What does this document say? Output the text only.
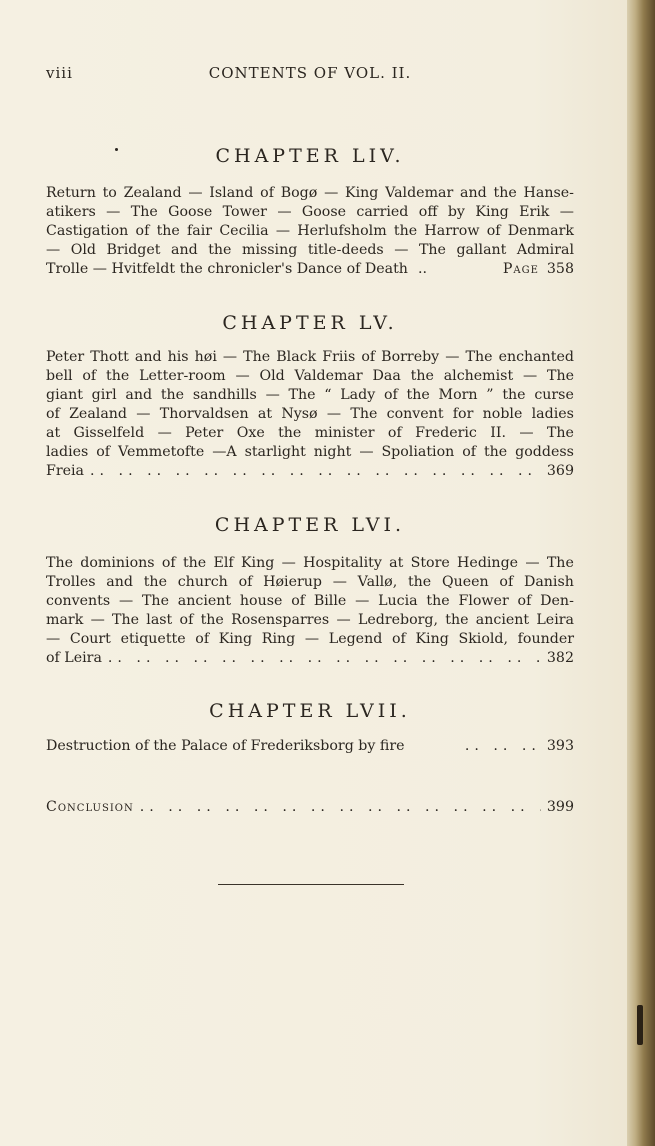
viii	CONTENTS OF VOL. II.
CHAPTER LIV.
Return to Zealand — Island of Bogø — King Valdemar and the Hanse-
atikers — The Goose Tower — Goose carried off by King Erik —
Castigation of the fair Cecilia — Herlufsholm the Harrow of Denmark
— Old Bridget and the missing title-deeds — The gallant Admiral
Trolle — Hvitfeldt the chronicler's Dance of Death ..	Page 358
CHAPTER LV.
Peter Thott and his høi — The Black Friis of Borreby — The enchanted
bell of the Letter-room — Old Valdemar Daa the alchemist — The
giant girl and the sandhills — The “ Lady of the Morn ” the curse
of Zealand — Thorvaldsen at Nysø — The convent for noble ladies
at Gisselfeld — Peter Oxe the minister of Frederic II. — The
ladies of Vemmetofte —A starlight night — Spoliation of the goddess
Freia .. ..	369
CHAPTER LVI.
The dominions of the Elf King — Hospitality at Store Hedinge — The
Trolles and the church of Høierup — Vallø, the Queen of Danish
convents — The ancient house of Bille — Lucia the Flower of Den-
mark — The last of the Rosensparres — Ledreborg, the ancient Leira
— Court etiquette of King Ring — Legend of King Skiold, founder
of Leira .. ..	382
CHAPTER LVII.
Destruction of the Palace of Frederiksborg by fire	.. .. .. 393
Conclusion .. ..	399
